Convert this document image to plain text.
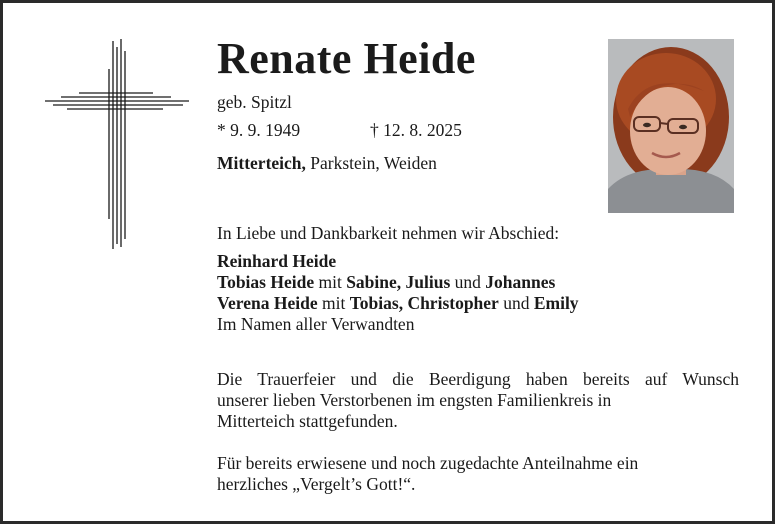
Renate Heide
geb. Spitzl
* 9. 9. 1949	† 12. 8. 2025
Mitterteich, Parkstein, Weiden
In Liebe und Dankbarkeit nehmen wir Abschied:
Reinhard Heide
Tobias Heide mit Sabine, Julius und Johannes
Verena Heide mit Tobias, Christopher und Emily
Im Namen aller Verwandten
Die Trauerfeier und die Beerdigung haben bereits auf Wunsch
unserer lieben Verstorbenen im engsten Familienkreis in
Mitterteich stattgefunden.
Für bereits erwiesene und noch zugedachte Anteilnahme ein
herzliches „Vergelt’s Gott!“.
